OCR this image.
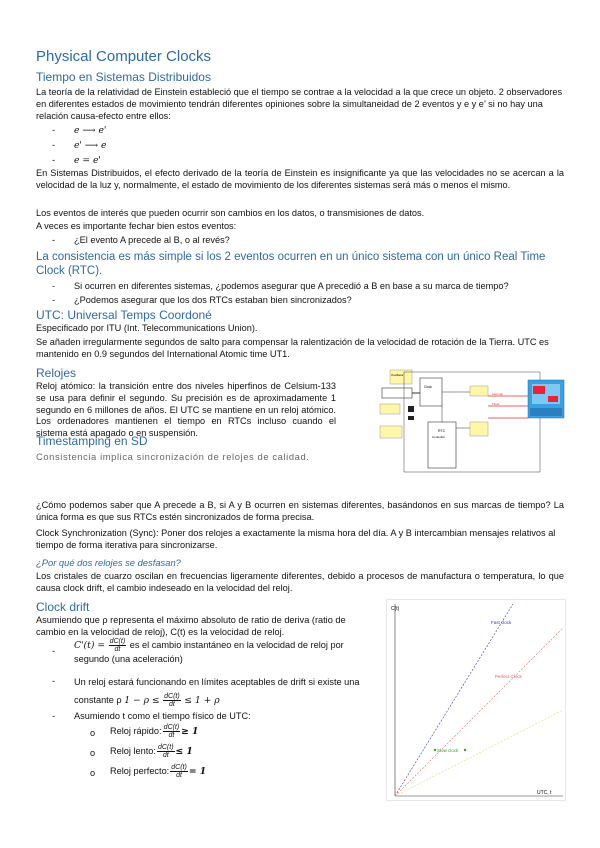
Physical Computer Clocks
Tiempo en Sistemas Distribuidos
La teoría de la relatividad de Einstein estableció que el tiempo se contrae a la velocidad a la que crece un objeto. 2 observadores en diferentes estados de movimiento tendrán diferentes opiniones sobre la simultaneidad de 2 eventos y e y e’ si no hay una relación causa-efecto entre ellos:
- e ⟶ e'
- e' ⟶ e
- e = e'
En Sistemas Distribuidos, el efecto derivado de la teoría de Einstein es insignificante ya que las velocidades no se acercan a la velocidad de la luz y, normalmente, el estado de movimiento de los diferentes sistemas será más o menos el mismo.
Los eventos de interés que pueden ocurrir son cambios en los datos, o transmisiones de datos.
A veces es importante fechar bien estos eventos:
- ¿El evento A precede al B, o al revés?
La consistencia es más simple si los 2 eventos ocurren en un único sistema con un único Real Time Clock (RTC).
- Si ocurren en diferentes sistemas, ¿podemos asegurar que A precedió a B en base a su marca de tiempo?
- ¿Podemos asegurar que los dos RTCs estaban bien sincronizados?
UTC: Universal Temps Coordoné
Especificado por ITU (Int. Telecommunications Union).
Se añaden irregularmente segundos de salto para compensar la ralentización de la velocidad de rotación de la Tierra. UTC es mantenido en 0.9 segundos del International Atomic time UT1.
Relojes
Reloj atómico: la transición entre dos niveles hiperfinos de Celsium-133 se usa para definir el segundo. Su precisión es de aproximadamente 1 segundo en 6 millones de años. El UTC se mantiene en un reloj atómico. Los ordenadores mantienen el tiempo en RTCs incluso cuando el sistema está apagado o en suspensión.
Oscillator
Clock
RTC
Controller
Interrupt
Timer
Timestamping en SD
Consistencia implica sincronización de relojes de calidad.
¿Cómo podemos saber que A precede a B, si A y B ocurren en sistemas diferentes, basándonos en sus marcas de tiempo? La única forma es que sus RTCs estén sincronizados de forma precisa.
Clock Synchronization (Sync): Poner dos relojes a exactamente la misma hora del día. A y B intercambian mensajes relativos al tiempo de forma iterativa para sincronizarse.
¿Por qué dos relojes se desfasan?
Los cristales de cuarzo oscilan en frecuencias ligeramente diferentes, debido a procesos de manufactura o temperatura, lo que causa clock drift, el cambio indeseado en la velocidad del reloj.
Clock drift
Asumiendo que ρ representa el máximo absoluto de ratio de deriva (ratio de cambio en la velocidad de reloj), C(t) es la velocidad de reloj.
-
$C'(t) = \frac{dC(t)}{dt}$ es el cambio instantáneo en la velocidad de reloj por segundo (una aceleración)
- Un reloj estará funcionando en límites aceptables de drift si existe una constante ρ $1 - \rho \le \frac{dC(t)}{dt} \le 1 + \rho$
- Asumiendo t como el tiempo físico de UTC:
o Reloj rápido: $\frac{dC(t)}{dt} \ge 1$
o Reloj lento: $\frac{dC(t)}{dt} \le 1$
o Reloj perfecto: $\frac{dC(t)}{dt} = 1$
C(t)
UTC, t
Fast clock
Perfect Clock
Slow clock
